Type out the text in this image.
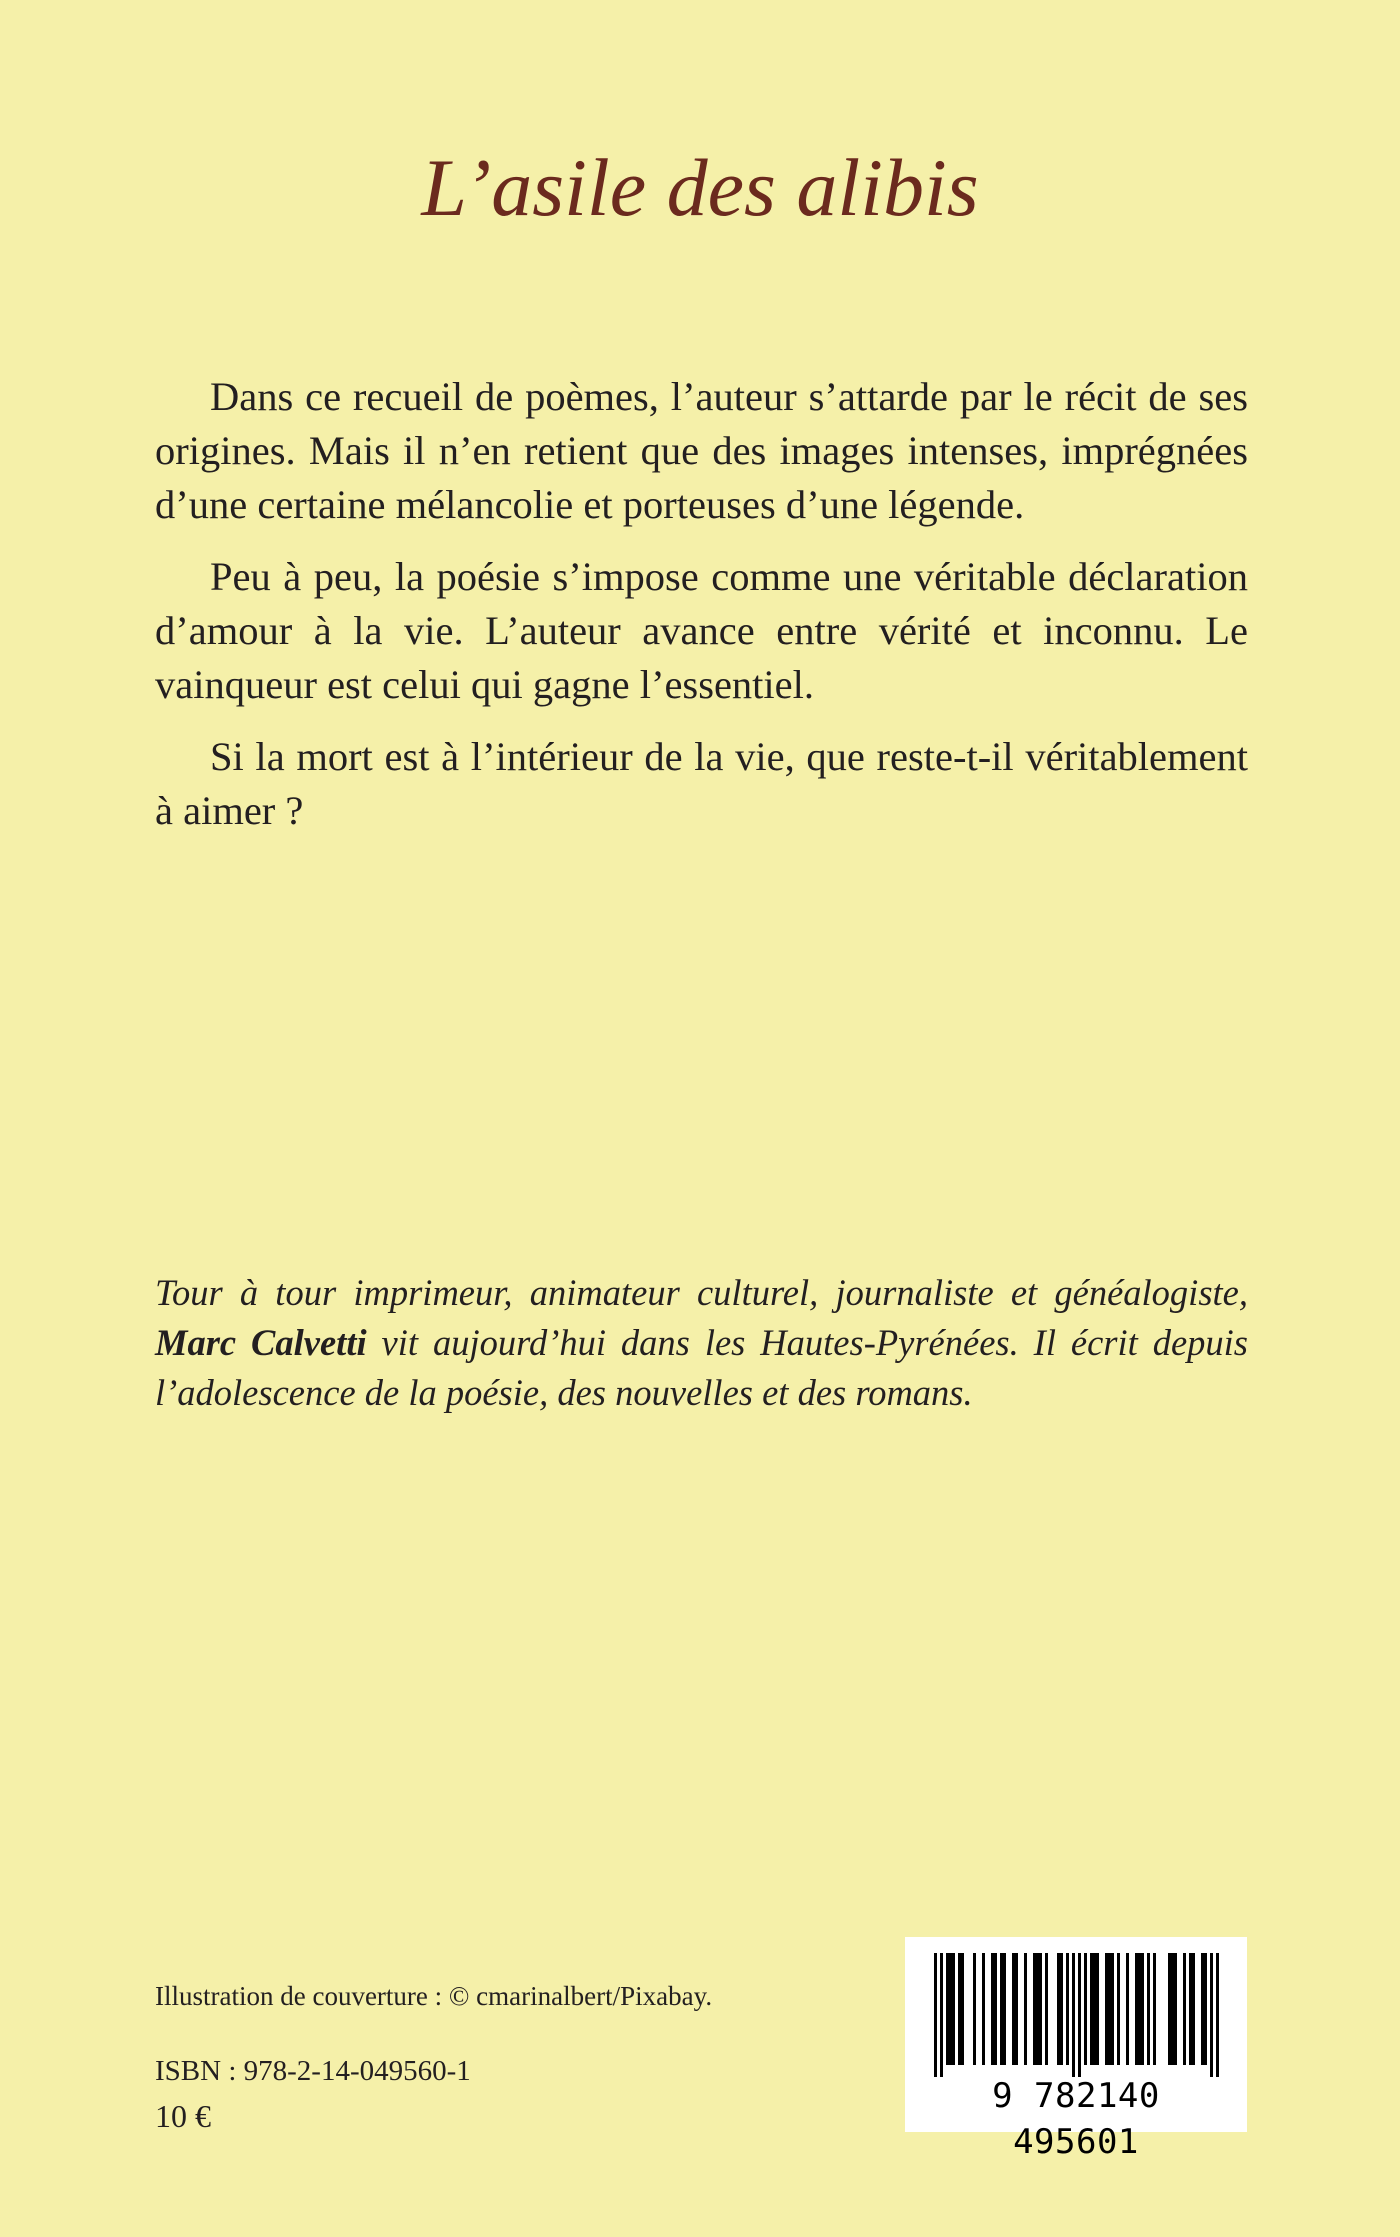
L’asile des alibis

Dans ce recueil de poèmes, l’auteur s’attarde par le récit de ses origines. Mais il n’en retient que des images intenses, imprégnées d’une certaine mélancolie et porteuses d’une légende.

Peu à peu, la poésie s’impose comme une véritable déclaration d’amour à la vie. L’auteur avance entre vérité et inconnu. Le vainqueur est celui qui gagne l’essentiel.

Si la mort est à l’intérieur de la vie, que reste-t-il véritablement à aimer ?

Tour à tour imprimeur, animateur culturel, journaliste et généalogiste, Marc Calvetti vit aujourd’hui dans les Hautes-Pyrénées. Il écrit depuis l’adolescence de la poésie, des nouvelles et des romans.

Illustration de couverture : © cmarinalbert/Pixabay.
ISBN : 978-2-14-049560-1
10 €	9 782140 495601
